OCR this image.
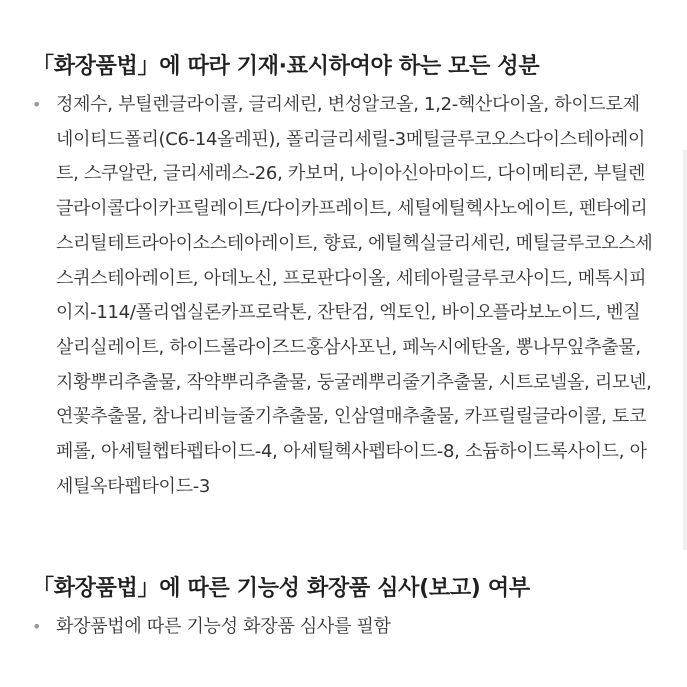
「화장품법」에 따라 기재·표시하여야 하는 모든 성분
• 정제수, 부틸렌글라이콜, 글리세린, 변성알코올, 1,2-헥산다이올, 하이드로제네이티드폴리(C6-14올레핀), 폴리글리세릴-3메틸글루코오스다이스테아레이트, 스쿠알란, 글리세레스-26, 카보머, 나이아신아마이드, 다이메티콘, 부틸렌글라이콜다이카프릴레이트/다이카프레이트, 세틸에틸헥사노에이트, 펜타에리스리틸테트라아이소스테아레이트, 향료, 에틸헥실글리세린, 메틸글루코오스세스퀴스테아레이트, 아데노신, 프로판다이올, 세테아릴글루코사이드, 메톡시피이지-114/폴리엡실론카프로락톤, 잔탄검, 엑토인, 바이오플라보노이드, 벤질살리실레이트, 하이드롤라이즈드홍삼사포닌, 페녹시에탄올, 뽕나무잎추출물, 지황뿌리추출물, 작약뿌리추출물, 둥굴레뿌리줄기추출물, 시트로넬올, 리모넨, 연꽃추출물, 참나리비늘줄기추출물, 인삼열매추출물, 카프릴릴글라이콜, 토코페롤, 아세틸헵타펩타이드-4, 아세틸헥사펩타이드-8, 소듐하이드록사이드, 아세틸옥타펩타이드-3
「화장품법」에 따른 기능성 화장품 심사(보고) 여부
• 화장품법에 따른 기능성 화장품 심사를 필함
